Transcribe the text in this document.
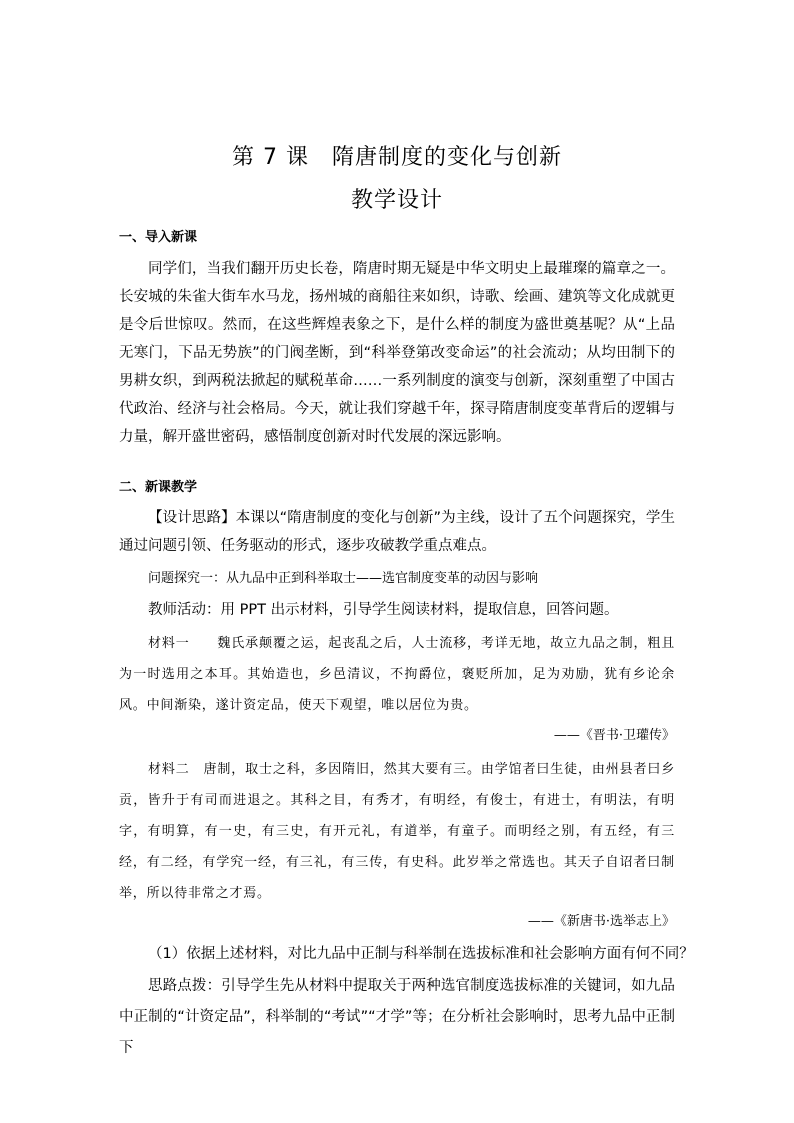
第 7 课　隋唐制度的变化与创新
教学设计
一、导入新课
同学们，当我们翻开历史长卷，隋唐时期无疑是中华文明史上最璀璨的篇章之一。长安城的朱雀大街车水马龙，扬州城的商船往来如织，诗歌、绘画、建筑等文化成就更是令后世惊叹。然而，在这些辉煌表象之下，是什么样的制度为盛世奠基呢？从“上品无寒门，下品无势族”的门阀垄断，到“科举登第改变命运”的社会流动；从均田制下的男耕女织，到两税法掀起的赋税革命……一系列制度的演变与创新，深刻重塑了中国古代政治、经济与社会格局。今天，就让我们穿越千年，探寻隋唐制度变革背后的逻辑与力量，解开盛世密码，感悟制度创新对时代发展的深远影响。
二、新课教学
【设计思路】本课以“隋唐制度的变化与创新”为主线，设计了五个问题探究，学生通过问题引领、任务驱动的形式，逐步攻破教学重点难点。
问题探究一：从九品中正到科举取士——选官制度变革的动因与影响
教师活动：用 PPT 出示材料，引导学生阅读材料，提取信息，回答问题。
材料一　　魏氏承颠覆之运，起丧乱之后，人士流移，考详无地，故立九品之制，粗且为一时选用之本耳。其始造也，乡邑清议，不拘爵位，褒贬所加，足为劝励，犹有乡论余风。中间渐染，遂计资定品，使天下观望，唯以居位为贵。
——《晋书·卫瓘传》
材料二　唐制，取士之科，多因隋旧，然其大要有三。由学馆者曰生徒，由州县者曰乡贡，皆升于有司而进退之。其科之目，有秀才，有明经，有俊士，有进士，有明法，有明字，有明算，有一史，有三史，有开元礼，有道举，有童子。而明经之别，有五经，有三经，有二经，有学究一经，有三礼，有三传，有史科。此岁举之常选也。其天子自诏者曰制举，所以待非常之才焉。
——《新唐书·选举志上》
（1）依据上述材料，对比九品中正制与科举制在选拔标准和社会影响方面有何不同？
思路点拨：引导学生先从材料中提取关于两种选官制度选拔标准的关键词，如九品中正制的“计资定品”，科举制的“考试”“才学”等；在分析社会影响时，思考九品中正制下
